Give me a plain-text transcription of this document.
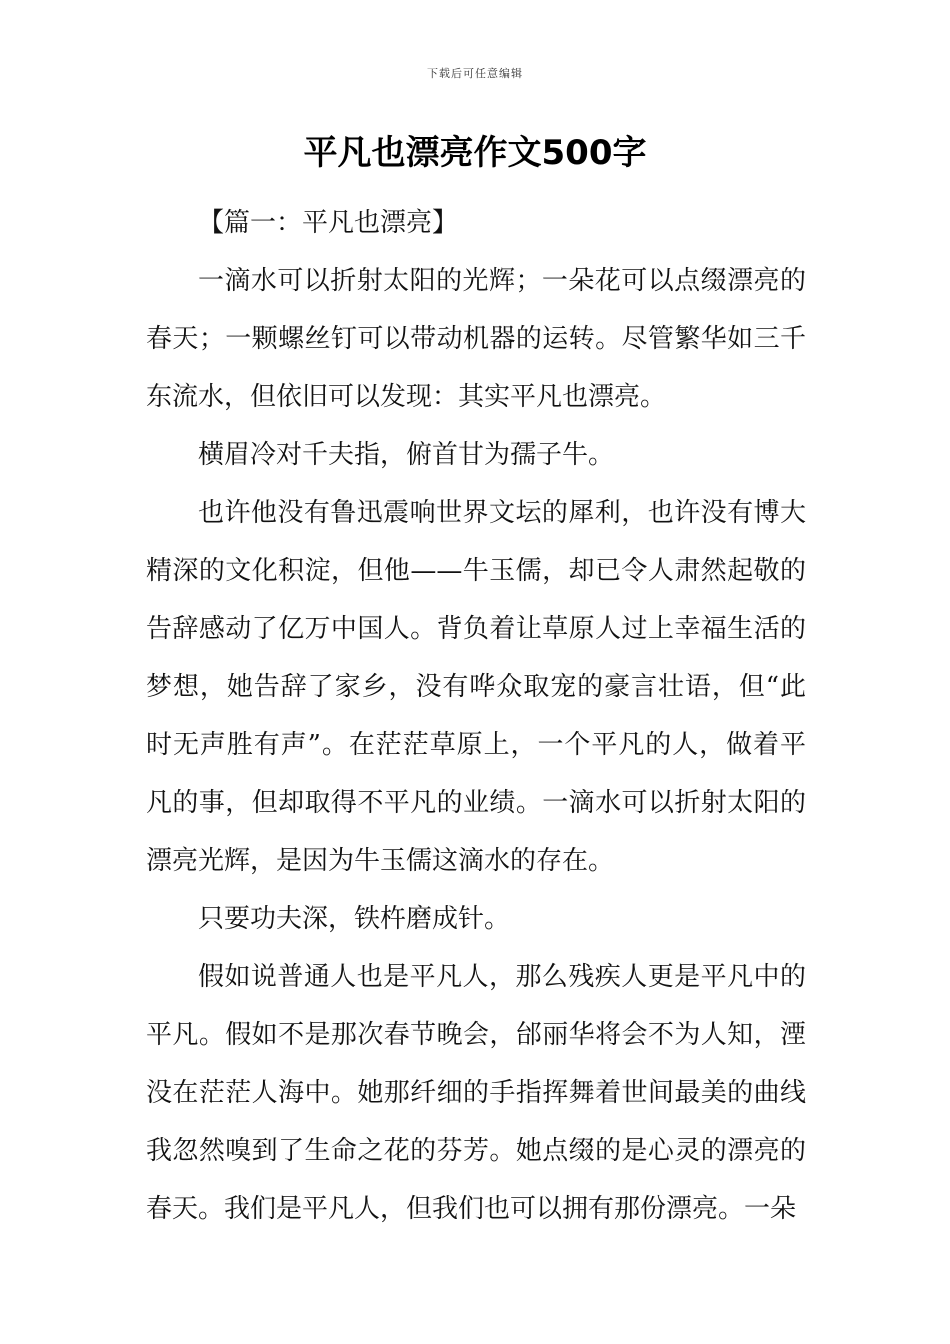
下载后可任意编辑
平凡也漂亮作文500字

【篇一：平凡也漂亮】

一滴水可以折射太阳的光辉；一朵花可以点缀漂亮的春天；一颗螺丝钉可以带动机器的运转。尽管繁华如三千东流水，但依旧可以发现：其实平凡也漂亮。

横眉冷对千夫指，俯首甘为孺子牛。

也许他没有鲁迅震响世界文坛的犀利，也许没有博大精深的文化积淀，但他——牛玉儒，却已令人肃然起敬的告辞感动了亿万中国人。背负着让草原人过上幸福生活的梦想，她告辞了家乡，没有哗众取宠的豪言壮语，但“此时无声胜有声”。在茫茫草原上，一个平凡的人，做着平凡的事，但却取得不平凡的业绩。一滴水可以折射太阳的漂亮光辉，是因为牛玉儒这滴水的存在。

只要功夫深，铁杵磨成针。

假如说普通人也是平凡人，那么残疾人更是平凡中的平凡。假如不是那次春节晚会，邰丽华将会不为人知，湮没在茫茫人海中。她那纤细的手指挥舞着世间最美的曲线我忽然嗅到了生命之花的芬芳。她点缀的是心灵的漂亮的春天。我们是平凡人，但我们也可以拥有那份漂亮。一朵
